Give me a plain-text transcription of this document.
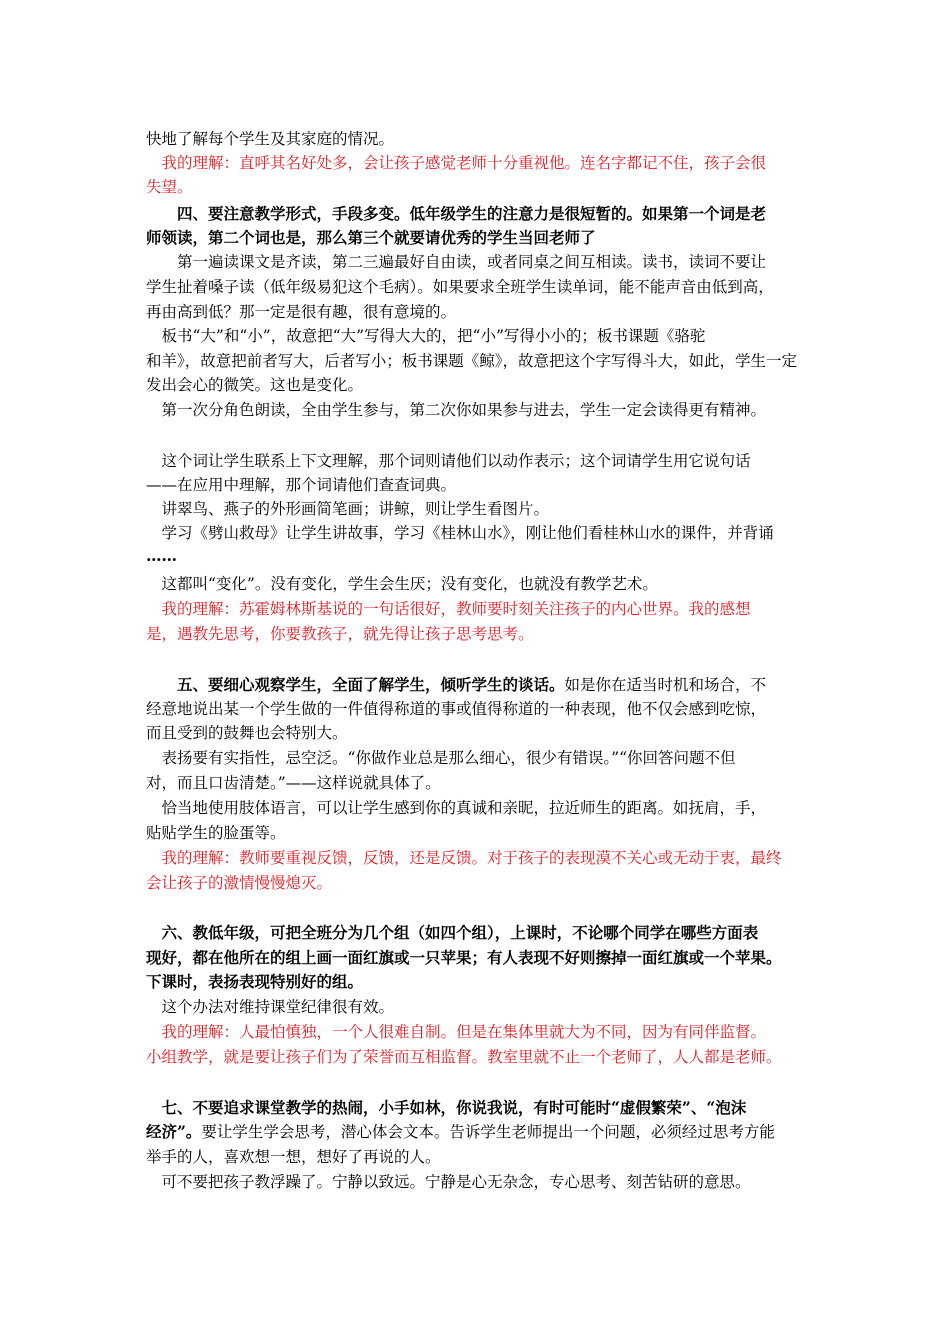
快地了解每个学生及其家庭的情况。
　我的理解：直呼其名好处多，会让孩子感觉老师十分重视他。连名字都记不住，孩子会很
失望。
　　四、要注意教学形式，手段多变。低年级学生的注意力是很短暂的。如果第一个词是老
师领读，第二个词也是，那么第三个就要请优秀的学生当回老师了
　　第一遍读课文是齐读，第二三遍最好自由读，或者同桌之间互相读。读书，读词不要让
学生扯着嗓子读（低年级易犯这个毛病）。如果要求全班学生读单词，能不能声音由低到高，
再由高到低？那一定是很有趣，很有意境的。
　板书“大”和“小”，故意把“大”写得大大的，把“小”写得小小的；板书课题《骆驼
和羊》，故意把前者写大，后者写小；板书课题《鲸》，故意把这个字写得斗大，如此，学生一定
发出会心的微笑。这也是变化。
　第一次分角色朗读，全由学生参与，第二次你如果参与进去，学生一定会读得更有精神。
　这个词让学生联系上下文理解，那个词则请他们以动作表示；这个词请学生用它说句话
——在应用中理解，那个词请他们查查词典。
　讲翠鸟、燕子的外形画简笔画；讲鲸，则让学生看图片。
　学习《劈山救母》让学生讲故事，学习《桂林山水》，刚让他们看桂林山水的课件，并背诵
……
　这都叫“变化”。没有变化，学生会生厌；没有变化，也就没有教学艺术。
　我的理解：苏霍姆林斯基说的一句话很好，教师要时刻关注孩子的内心世界。我的感想
是，遇教先思考，你要教孩子，就先得让孩子思考思考。
　　五、要细心观察学生，全面了解学生，倾听学生的谈话。如是你在适当时机和场合，不
经意地说出某一个学生做的一件值得称道的事或值得称道的一种表现，他不仅会感到吃惊，
而且受到的鼓舞也会特别大。
　表扬要有实指性，忌空泛。“你做作业总是那么细心，很少有错误。”“你回答问题不但
对，而且口齿清楚。”——这样说就具体了。
　恰当地使用肢体语言，可以让学生感到你的真诚和亲昵，拉近师生的距离。如抚肩，手，
贴贴学生的脸蛋等。
　我的理解：教师要重视反馈，反馈，还是反馈。对于孩子的表现漠不关心或无动于衷，最终
会让孩子的激情慢慢熄灭。
　六、教低年级，可把全班分为几个组（如四个组），上课时，不论哪个同学在哪些方面表
现好，都在他所在的组上画一面红旗或一只苹果；有人表现不好则擦掉一面红旗或一个苹果。
下课时，表扬表现特别好的组。
　这个办法对维持课堂纪律很有效。
　我的理解：人最怕慎独，一个人很难自制。但是在集体里就大为不同，因为有同伴监督。
小组教学，就是要让孩子们为了荣誉而互相监督。教室里就不止一个老师了，人人都是老师。
　七、不要追求课堂教学的热闹，小手如林，你说我说，有时可能时“虚假繁荣”、“泡沫
经济”。要让学生学会思考，潜心体会文本。告诉学生老师提出一个问题，必须经过思考方能
举手的人，喜欢想一想，想好了再说的人。
　可不要把孩子教浮躁了。宁静以致远。宁静是心无杂念，专心思考、刻苦钻研的意思。
